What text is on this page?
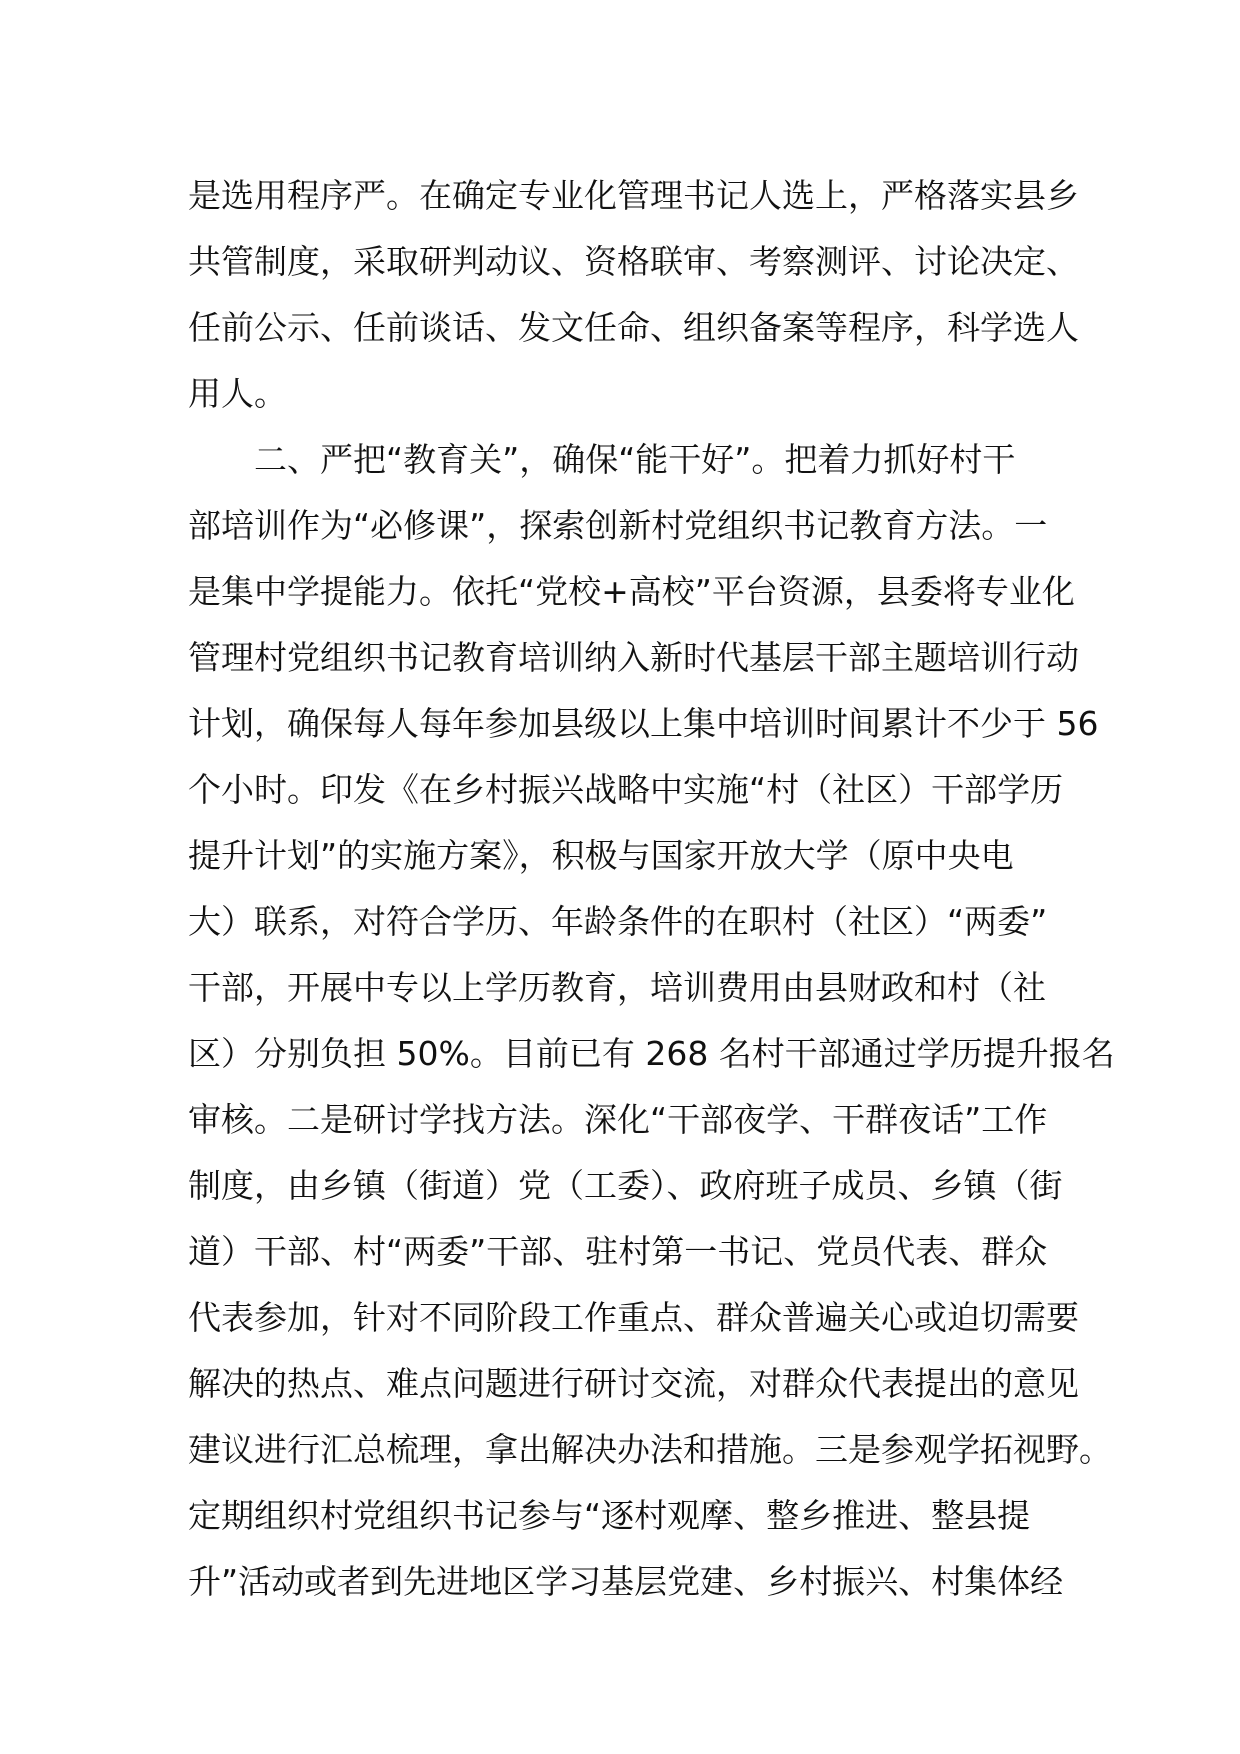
是选用程序严。在确定专业化管理书记人选上，严格落实县乡
共管制度，采取研判动议、资格联审、考察测评、讨论决定、
任前公示、任前谈话、发文任命、组织备案等程序，科学选人
用人。
　　二、严把“教育关”，确保“能干好”。把着力抓好村干
部培训作为“必修课”，探索创新村党组织书记教育方法。一
是集中学提能力。依托“党校+高校”平台资源，县委将专业化
管理村党组织书记教育培训纳入新时代基层干部主题培训行动
计划，确保每人每年参加县级以上集中培训时间累计不少于 56
个小时。印发《在乡村振兴战略中实施“村（社区）干部学历
提升计划”的实施方案》，积极与国家开放大学（原中央电
大）联系，对符合学历、年龄条件的在职村（社区）“两委”
干部，开展中专以上学历教育，培训费用由县财政和村（社
区）分别负担 50%。目前已有 268 名村干部通过学历提升报名
审核。二是研讨学找方法。深化“干部夜学、干群夜话”工作
制度，由乡镇（街道）党（工委）、政府班子成员、乡镇（街
道）干部、村“两委”干部、驻村第一书记、党员代表、群众
代表参加，针对不同阶段工作重点、群众普遍关心或迫切需要
解决的热点、难点问题进行研讨交流，对群众代表提出的意见
建议进行汇总梳理，拿出解决办法和措施。三是参观学拓视野。
定期组织村党组织书记参与“逐村观摩、整乡推进、整县提
升”活动或者到先进地区学习基层党建、乡村振兴、村集体经
